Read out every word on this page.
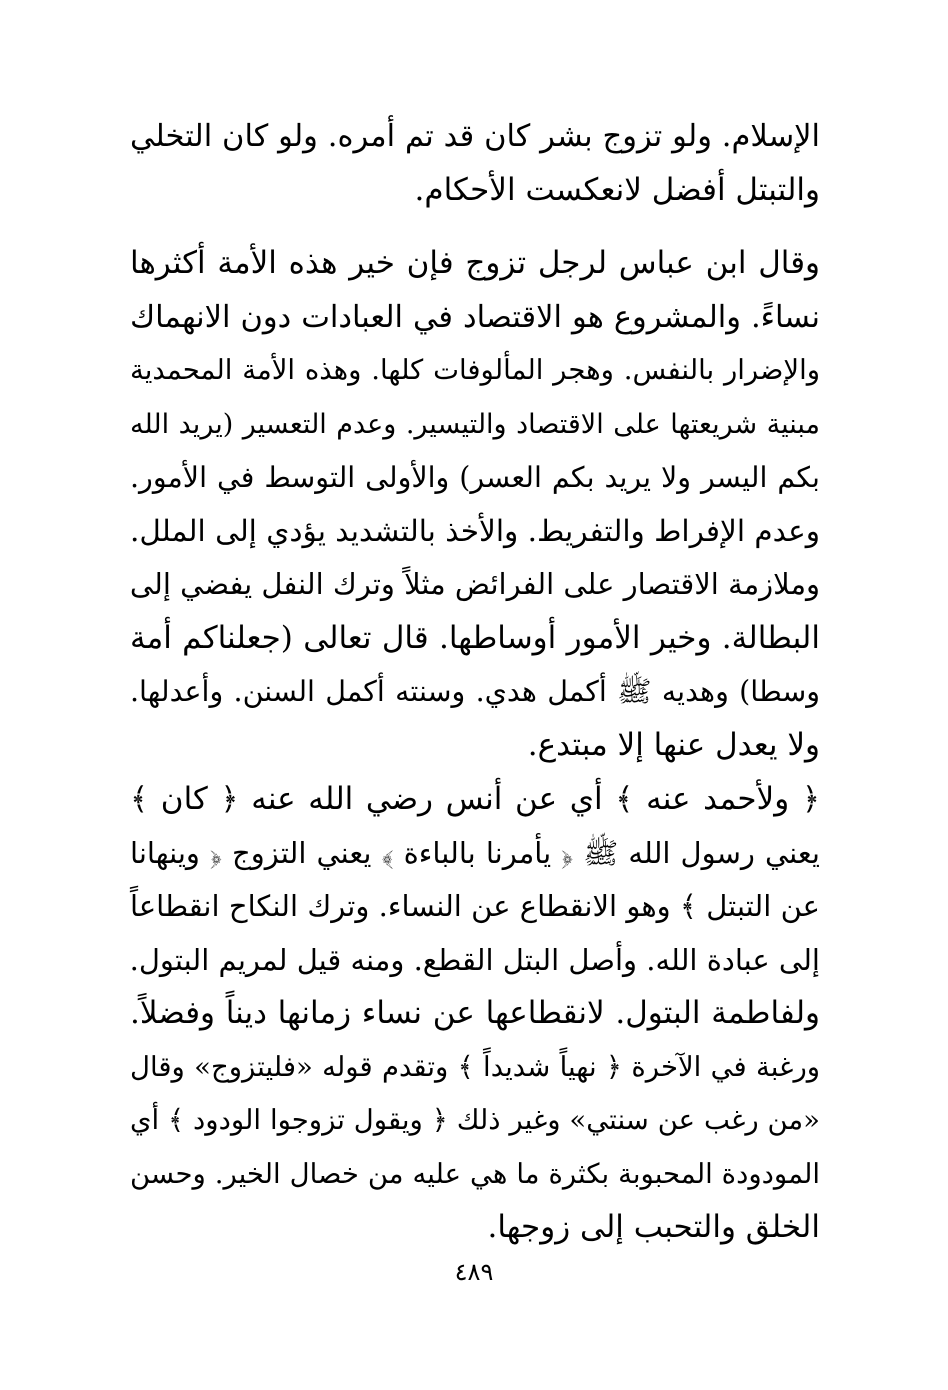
الإسلام. ولو تزوج بشر كان قد تم أمره. ولو كان التخلي
والتبتل أفضل لانعكست الأحكام.
وقال ابن عباس لرجل تزوج فإن خير هذه الأمة أكثرها
نساءً. والمشروع هو الاقتصاد في العبادات دون الانهماك
والإضرار بالنفس. وهجر المألوفات كلها. وهذه الأمة المحمدية
مبنية شريعتها على الاقتصاد والتيسير. وعدم التعسير (يريد الله
بكم اليسر ولا يريد بكم العسر) والأولى التوسط في الأمور.
وعدم الإفراط والتفريط. والأخذ بالتشديد يؤدي إلى الملل.
وملازمة الاقتصار على الفرائض مثلاً وترك النفل يفضي إلى
البطالة. وخير الأمور أوساطها. قال تعالى (جعلناكم أمة
وسطا) وهديه ﷺ أكمل هدي. وسنته أكمل السنن. وأعدلها.
ولا يعدل عنها إلا مبتدع.
﴿ ولأحمد عنه ﴾ أي عن أنس رضي الله عنه ﴿ كان ﴾
يعني رسول الله ﷺ ﴿ يأمرنا بالباءة ﴾ يعني التزوج ﴿ وينهانا
عن التبتل ﴾ وهو الانقطاع عن النساء. وترك النكاح انقطاعاً
إلى عبادة الله. وأصل البتل القطع. ومنه قيل لمريم البتول.
ولفاطمة البتول. لانقطاعها عن نساء زمانها ديناً وفضلاً.
ورغبة في الآخرة ﴿ نهياً شديداً ﴾ وتقدم قوله «فليتزوج» وقال
«من رغب عن سنتي» وغير ذلك ﴿ ويقول تزوجوا الودود ﴾ أي
المودودة المحبوبة بكثرة ما هي عليه من خصال الخير. وحسن
الخلق والتحبب إلى زوجها.
٤٨٩
